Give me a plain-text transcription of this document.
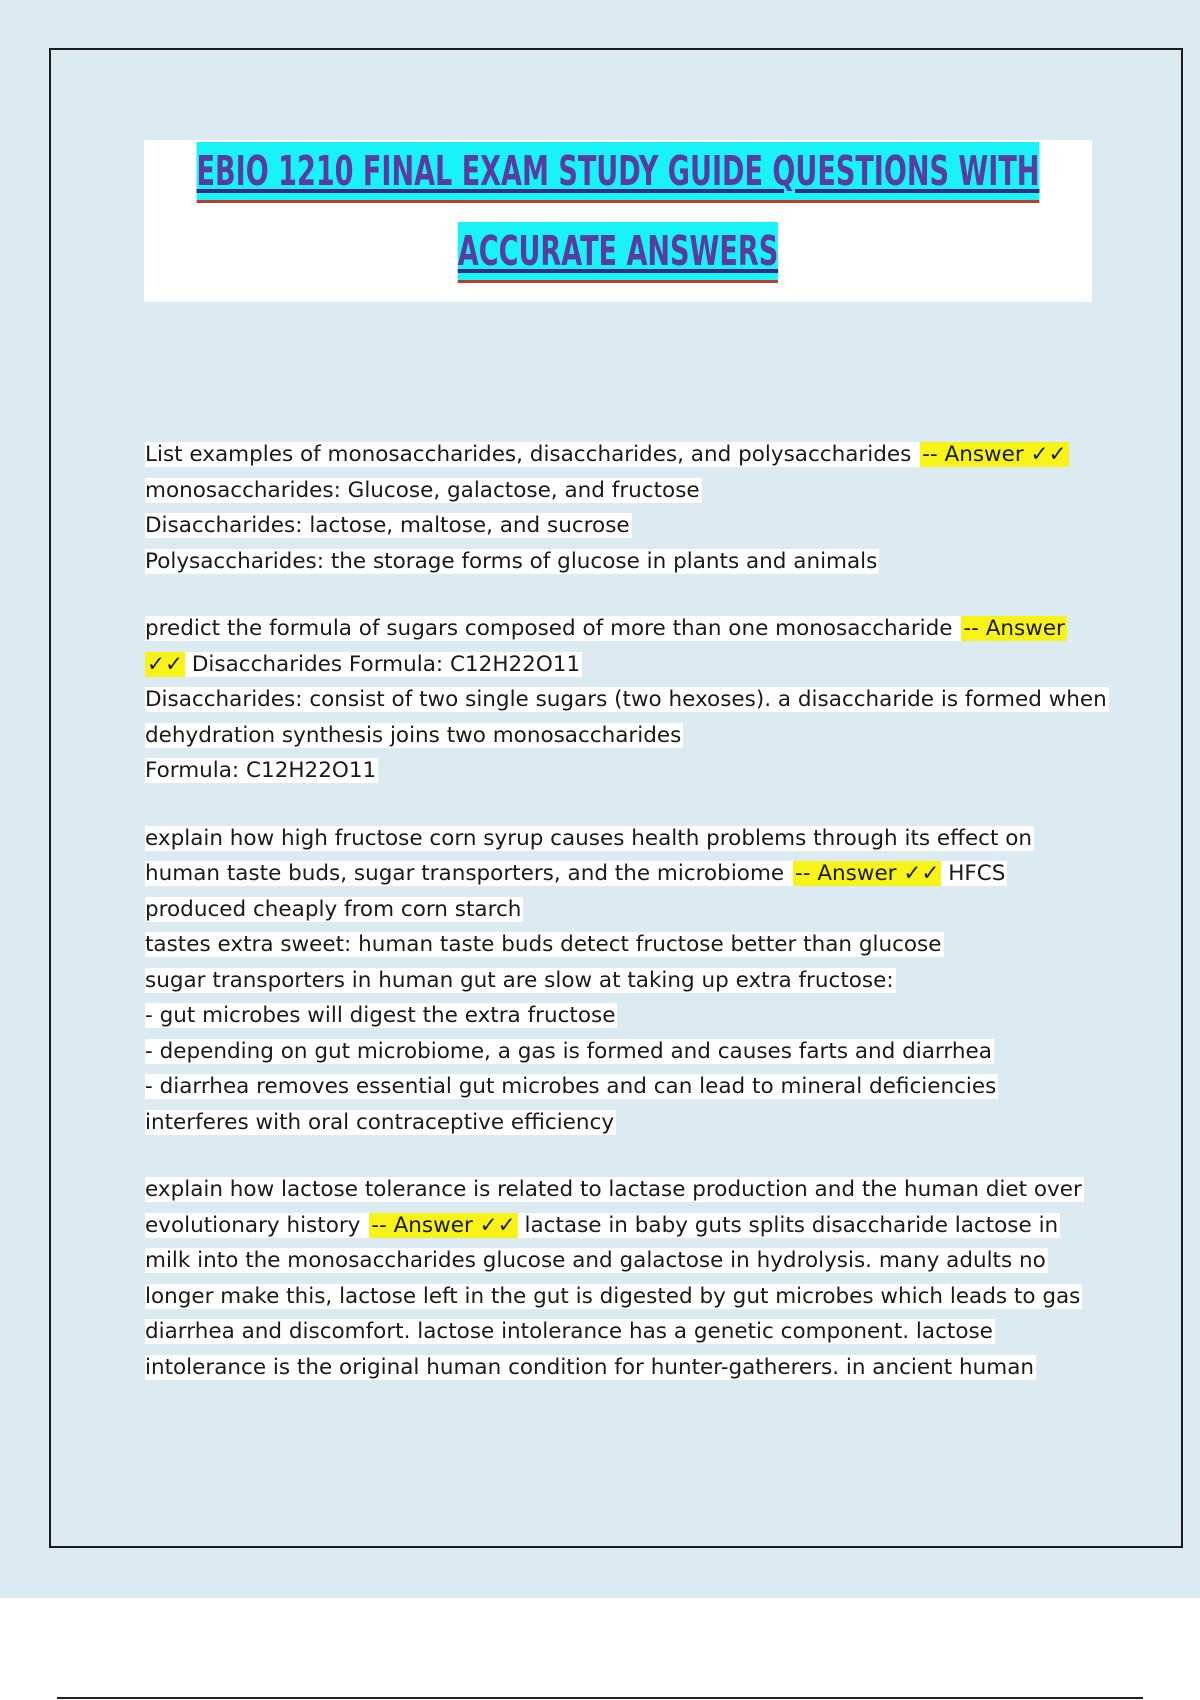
EBIO 1210 FINAL EXAM STUDY GUIDE QUESTIONS WITH
ACCURATE ANSWERS
List examples of monosaccharides, disaccharides, and polysaccharides -- Answer ✓✓
monosaccharides: Glucose, galactose, and fructose
Disaccharides: lactose, maltose, and sucrose
Polysaccharides: the storage forms of glucose in plants and animals
predict the formula of sugars composed of more than one monosaccharide -- Answer
✓✓ Disaccharides Formula: C12H22O11
Disaccharides: consist of two single sugars (two hexoses). a disaccharide is formed when
dehydration synthesis joins two monosaccharides
Formula: C12H22O11
explain how high fructose corn syrup causes health problems through its effect on
human taste buds, sugar transporters, and the microbiome -- Answer ✓✓ HFCS
produced cheaply from corn starch
tastes extra sweet: human taste buds detect fructose better than glucose
sugar transporters in human gut are slow at taking up extra fructose:
- gut microbes will digest the extra fructose
- depending on gut microbiome, a gas is formed and causes farts and diarrhea
- diarrhea removes essential gut microbes and can lead to mineral deficiencies
interferes with oral contraceptive efficiency
explain how lactose tolerance is related to lactase production and the human diet over
evolutionary history -- Answer ✓✓ lactase in baby guts splits disaccharide lactose in
milk into the monosaccharides glucose and galactose in hydrolysis. many adults no
longer make this, lactose left in the gut is digested by gut microbes which leads to gas
diarrhea and discomfort. lactose intolerance has a genetic component. lactose
intolerance is the original human condition for hunter-gatherers. in ancient human
